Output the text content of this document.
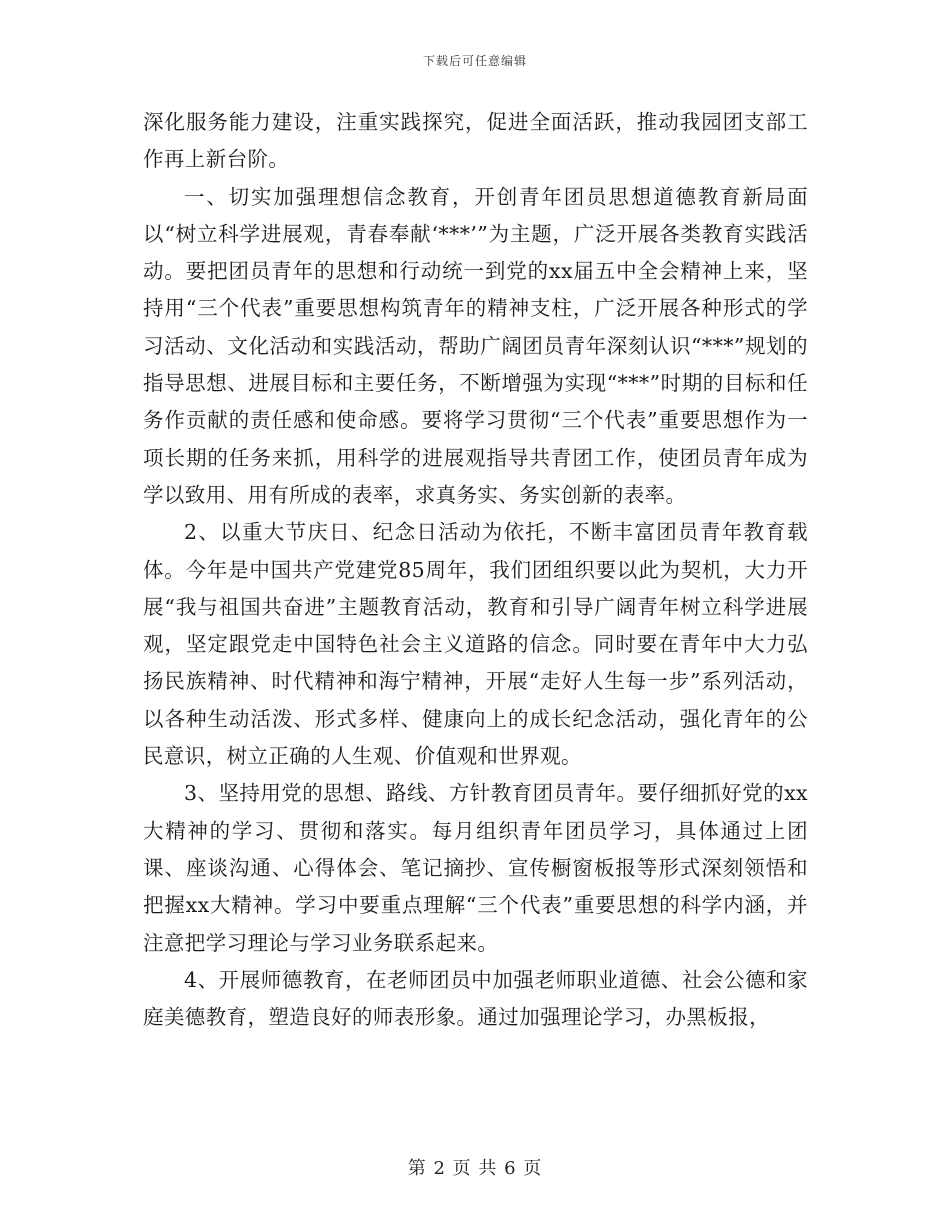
下载后可任意编辑

深化服务能力建设，注重实践探究，促进全面活跃，推动我园团支部工作再上新台阶。

一、切实加强理想信念教育，开创青年团员思想道德教育新局面以“树立科学进展观，青春奉献‘***’”为主题，广泛开展各类教育实践活动。要把团员青年的思想和行动统一到党的xx届五中全会精神上来，坚持用“三个代表”重要思想构筑青年的精神支柱，广泛开展各种形式的学习活动、文化活动和实践活动，帮助广阔团员青年深刻认识“***”规划的指导思想、进展目标和主要任务，不断增强为实现“***”时期的目标和任务作贡献的责任感和使命感。要将学习贯彻“三个代表”重要思想作为一项长期的任务来抓，用科学的进展观指导共青团工作，使团员青年成为学以致用、用有所成的表率，求真务实、务实创新的表率。

2、以重大节庆日、纪念日活动为依托，不断丰富团员青年教育载体。今年是中国共产党建党85周年，我们团组织要以此为契机，大力开展“我与祖国共奋进”主题教育活动，教育和引导广阔青年树立科学进展观，坚定跟党走中国特色社会主义道路的信念。同时要在青年中大力弘扬民族精神、时代精神和海宁精神，开展“走好人生每一步”系列活动，以各种生动活泼、形式多样、健康向上的成长纪念活动，强化青年的公民意识，树立正确的人生观、价值观和世界观。

3、坚持用党的思想、路线、方针教育团员青年。要仔细抓好党的xx大精神的学习、贯彻和落实。每月组织青年团员学习，具体通过上团课、座谈沟通、心得体会、笔记摘抄、宣传橱窗板报等形式深刻领悟和把握xx大精神。学习中要重点理解“三个代表”重要思想的科学内涵，并注意把学习理论与学习业务联系起来。

4、开展师德教育，在老师团员中加强老师职业道德、社会公德和家庭美德教育，塑造良好的师表形象。通过加强理论学习，办黑板报，

第 2 页 共 6 页
